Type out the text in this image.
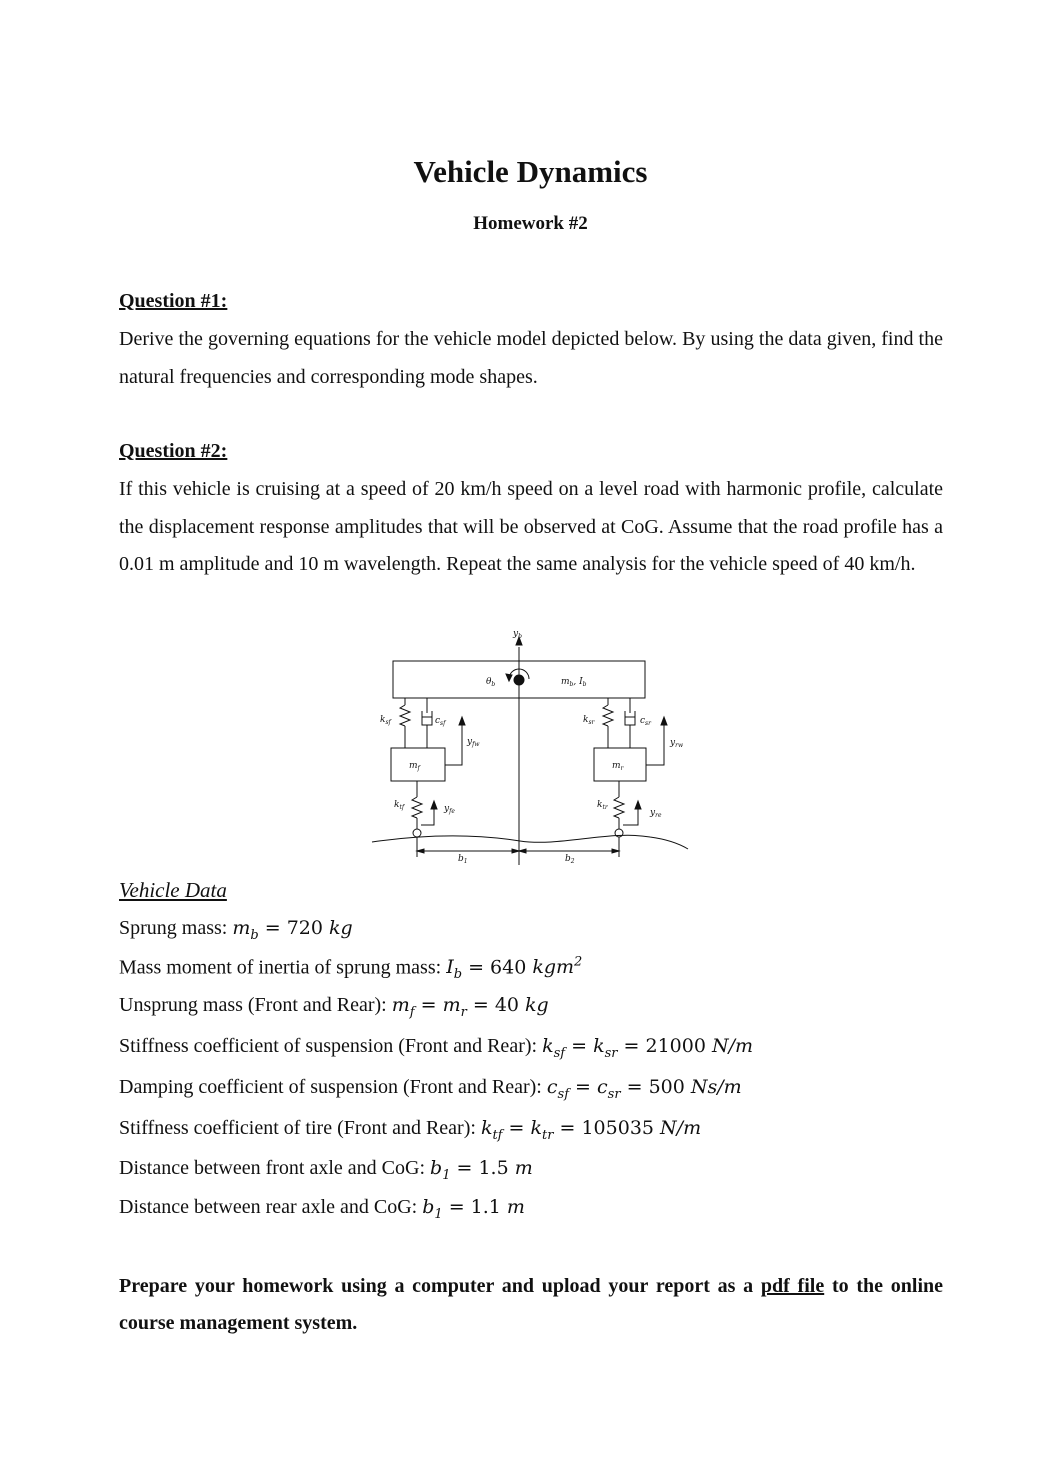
Vehicle Dynamics
Homework #2
Question #1:

Derive the governing equations for the vehicle model depicted below. By using the data given, find the natural frequencies and corresponding mode shapes.

Question #2:

If this vehicle is cruising at a speed of 20 km/h speed on a level road with harmonic profile, calculate the displacement response amplitudes that will be observed at CoG. Assume that the road profile has a 0.01 m amplitude and 10 m wavelength. Repeat the same analysis for the vehicle speed of 40 km/h.

$y_b$
$\theta_b$	$m_b$, $I_b$
$k_{sf}$	$c_{sf}$
$y_{fw}$
$m_f$
$k_{tf}$	$y_{fe}$
$k_{sr}$	$c_{sr}$
$y_{rw}$
$m_r$
$k_{tr}$
$y_{re}$
$b_1$	$b_2$
Vehicle Data
Sprung mass: $m_b = 720$ kg
Mass moment of inertia of sprung mass: $I_b = 640$ kgm$^2$
Unsprung mass (Front and Rear): $m_f = m_r = 40$ kg
Stiffness coefficient of suspension (Front and Rear): $k_{sf} = k_{sr} = 21000$ N/m
Damping coefficient of suspension (Front and Rear): $c_{sf} = c_{sr} = 500$ Ns/m
Stiffness coefficient of tire (Front and Rear): $k_{tf} = k_{tr} = 105035$ N/m
Distance between front axle and CoG: $b_1 = 1.5$ m
Distance between rear axle and CoG: $b_1 = 1.1$ m

Prepare your homework using a computer and upload your report as a pdf file to the online course management system.
